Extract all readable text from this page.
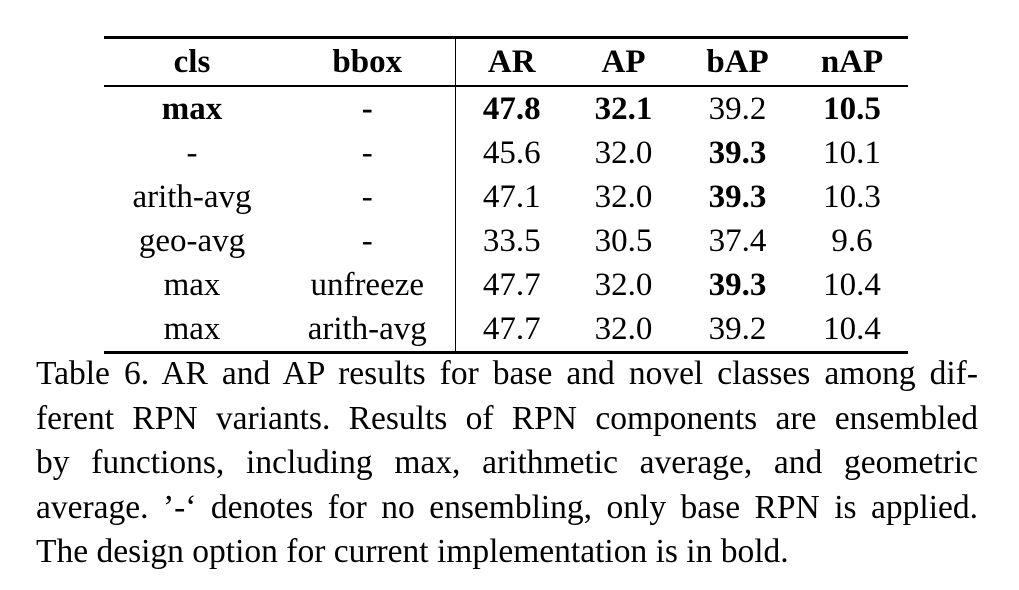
cls	bbox	AR	AP	bAP	nAP
max	-	47.8	32.1	39.2	10.5
-	-	45.6	32.0	39.3	10.1
arith-avg	-	47.1	32.0	39.3	10.3
geo-avg	-	33.5	30.5	37.4	9.6
max	unfreeze	47.7	32.0	39.3	10.4
max	arith-avg	47.7	32.0	39.2	10.4
Table 6. AR and AP results for base and novel classes among dif-
ferent RPN variants. Results of RPN components are ensembled
by functions, including max, arithmetic average, and geometric
average. ’-‘ denotes for no ensembling, only base RPN is applied.
The design option for current implementation is in bold.
